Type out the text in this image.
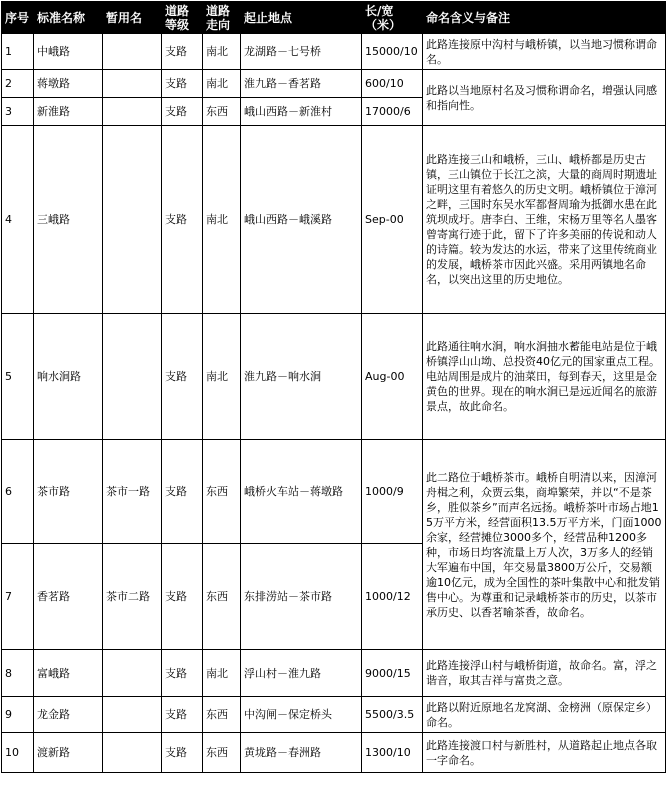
序号	标准名称	暂用名	道路等级	道路走向	起止地点	长/宽（米）	命名含义与备注
1	中峨路		支路	南北	龙湖路－七号桥	15000/10	此路连接原中沟村与峨桥镇，以当地习惯称谓命名。
2	蒋墩路		支路	南北	淮九路－香茗路	600/10	此路以当地原村名及习惯称谓命名，增强认同感和指向性。
3	新淮路		支路	东西	峨山西路－新淮村	17000/6	
4	三峨路		支路	南北	峨山西路－峨溪路	Sep-00	此路连接三山和峨桥，三山、峨桥都是历史古镇，三山镇位于长江之滨，大量的商周时期遗址证明这里有着悠久的历史文明。峨桥镇位于漳河之畔，三国时东吴水军都督周瑜为抵御水患在此筑坝成圩。唐李白、王维，宋杨万里等名人墨客曾寄寓行迹于此，留下了许多美丽的传说和动人的诗篇。较为发达的水运，带来了这里传统商业的发展，峨桥茶市因此兴盛。采用两镇地名命名，以突出这里的历史地位。
5	响水涧路		支路	南北	淮九路－响水涧	Aug-00	此路通往响水涧，响水涧抽水蓄能电站是位于峨桥镇浮山山坳、总投资40亿元的国家重点工程。电站周围是成片的油菜田，每到春天，这里是金黄色的世界。现在的响水涧已是远近闻名的旅游景点，故此命名。
6	茶市路	茶市一路	支路	东西	峨桥火车站－蒋墩路	1000/9	此二路位于峨桥茶市。峨桥自明清以来，因漳河舟楫之利，众贾云集，商埠繁荣，并以“不是茶乡，胜似茶乡”而声名远扬。峨桥茶叶市场占地15万平方米，经营面积13.5万平方米，门面1000余家，经营摊位3000多个，经营品种1200多种，市场日均客流量上万人次，3万多人的经销大军遍布中国，年交易量3800万公斤，交易额逾10亿元，成为全国性的茶叶集散中心和批发销售中心。为尊重和记录峨桥茶市的历史，以茶市承历史、以香茗喻茶香，故命名。
7	香茗路	茶市二路	支路	东西	东排涝站－茶市路	1000/12	
8	富峨路		支路	南北	浮山村－淮九路	9000/15	此路连接浮山村与峨桥街道，故命名。富，浮之谐音，取其吉祥与富贵之意。
9	龙金路		支路	东西	中沟闸－保定桥头	5500/3.5	此路以附近原地名龙窝湖、金榜洲（原保定乡）命名。
10	渡新路		支路	东西	黄垅路－春洲路	1300/10	此路连接渡口村与新胜村，从道路起止地点各取一字命名。
